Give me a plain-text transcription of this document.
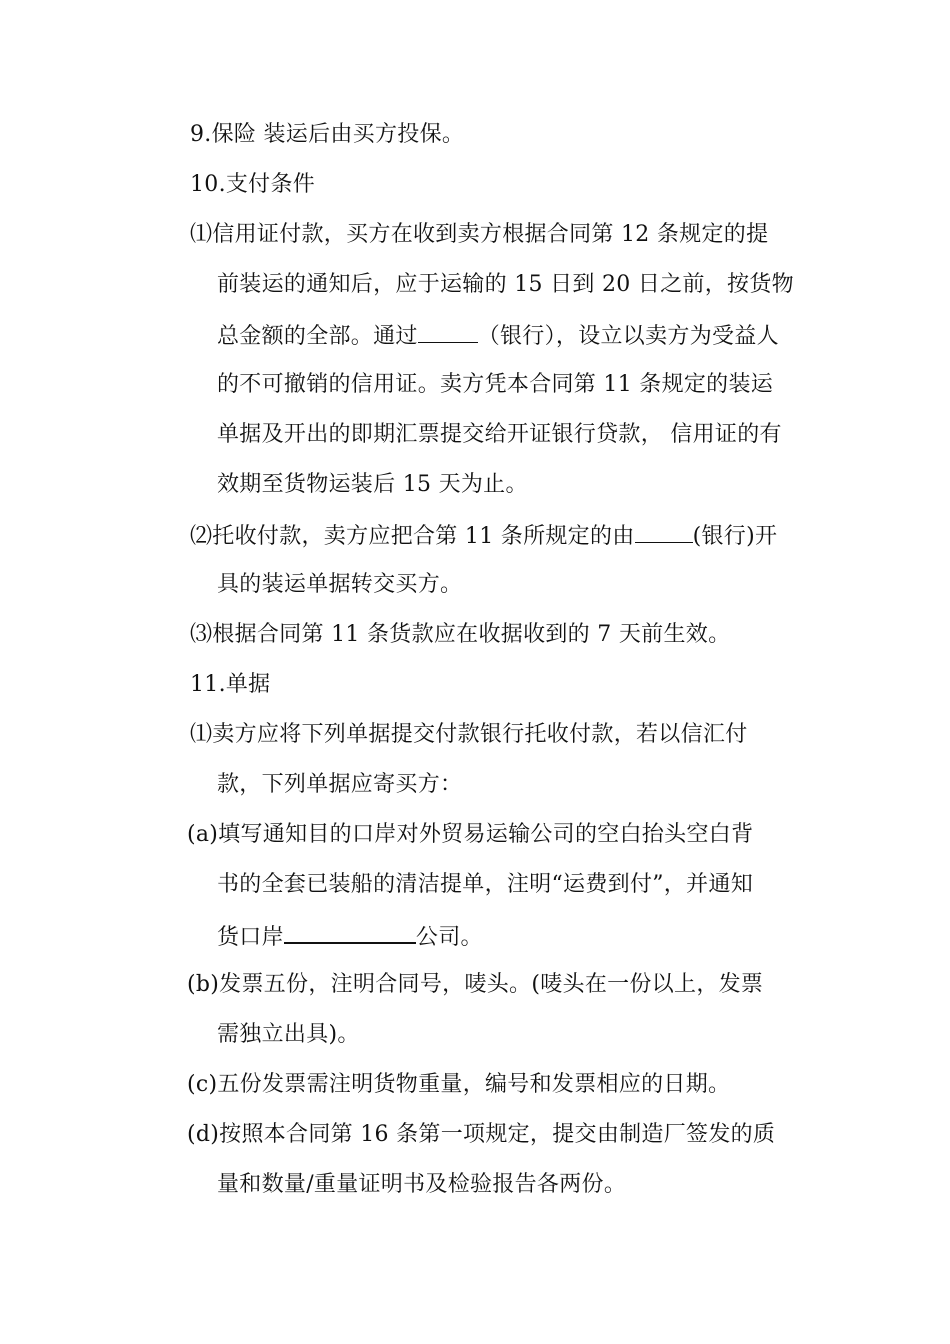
9.保险 装运后由买方投保。
10.支付条件
⑴信用证付款，买方在收到卖方根据合同第 12 条规定的提
前装运的通知后，应于运输的 15 日到 20 日之前，按货物
总金额的全部。通过	（银行），设立以卖方为受益人
的不可撤销的信用证。卖方凭本合同第 11 条规定的装运
单据及开出的即期汇票提交给开证银行贷款， 信用证的有
效期至货物运装后 15 天为止。
⑵托收付款，卖方应把合第 11 条所规定的由	(银行)开
具的装运单据转交买方。
⑶根据合同第 11 条货款应在收据收到的 7 天前生效。
11.单据
⑴卖方应将下列单据提交付款银行托收付款，若以信汇付
款，下列单据应寄买方：
(a)填写通知目的口岸对外贸易运输公司的空白抬头空白背
书的全套已装船的清洁提单，注明“运费到付”，并通知
货口岸	公司。
(b)发票五份，注明合同号，唛头。(唛头在一份以上，发票
需独立出具)。
(c)五份发票需注明货物重量，编号和发票相应的日期。
(d)按照本合同第 16 条第一项规定，提交由制造厂签发的质
量和数量/重量证明书及检验报告各两份。
